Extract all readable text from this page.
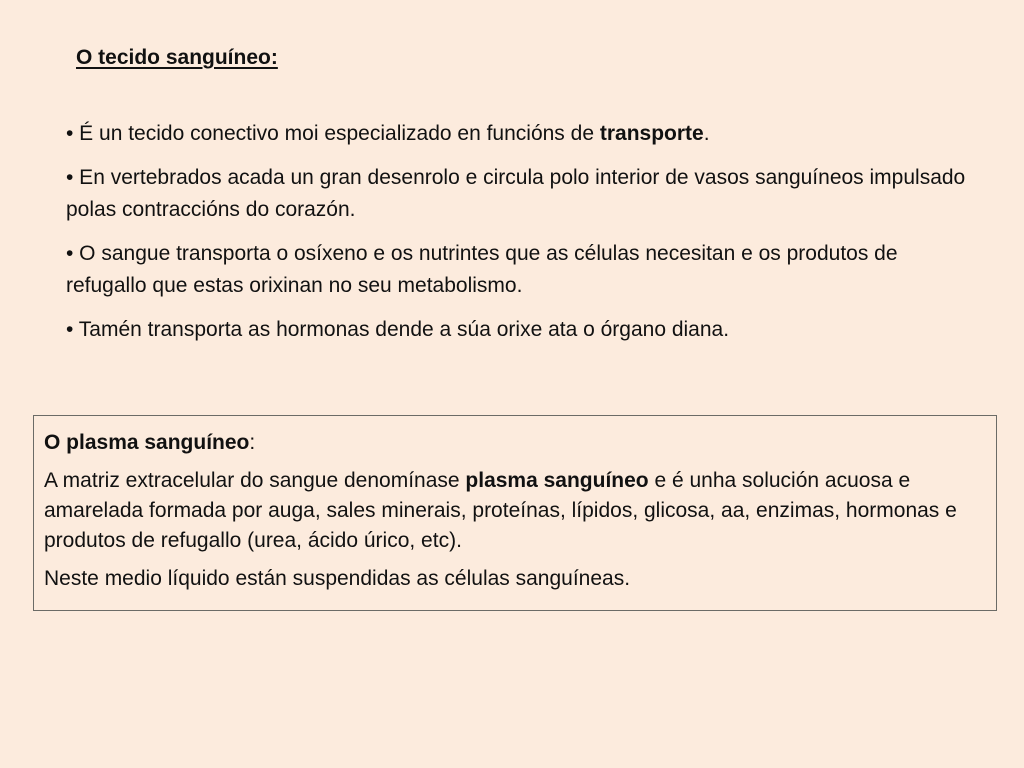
O tecido sanguíneo:
• É un tecido conectivo moi especializado en funcións de transporte.
• En vertebrados acada un gran desenrolo e circula polo interior de vasos sanguíneos impulsado polas contraccións do corazón.
• O sangue transporta o osíxeno e os nutrintes que as células necesitan e os produtos de refugallo que estas orixinan no seu metabolismo.
• Tamén transporta as hormonas dende a súa orixe ata o órgano diana.

O plasma sanguíneo:

A matriz extracelular do sangue denomínase plasma sanguíneo e é unha solución acuosa e amarelada formada por auga, sales minerais, proteínas, lípidos, glicosa, aa, enzimas, hormonas e produtos de refugallo (urea, ácido úrico, etc).

Neste medio líquido están suspendidas as células sanguíneas.
